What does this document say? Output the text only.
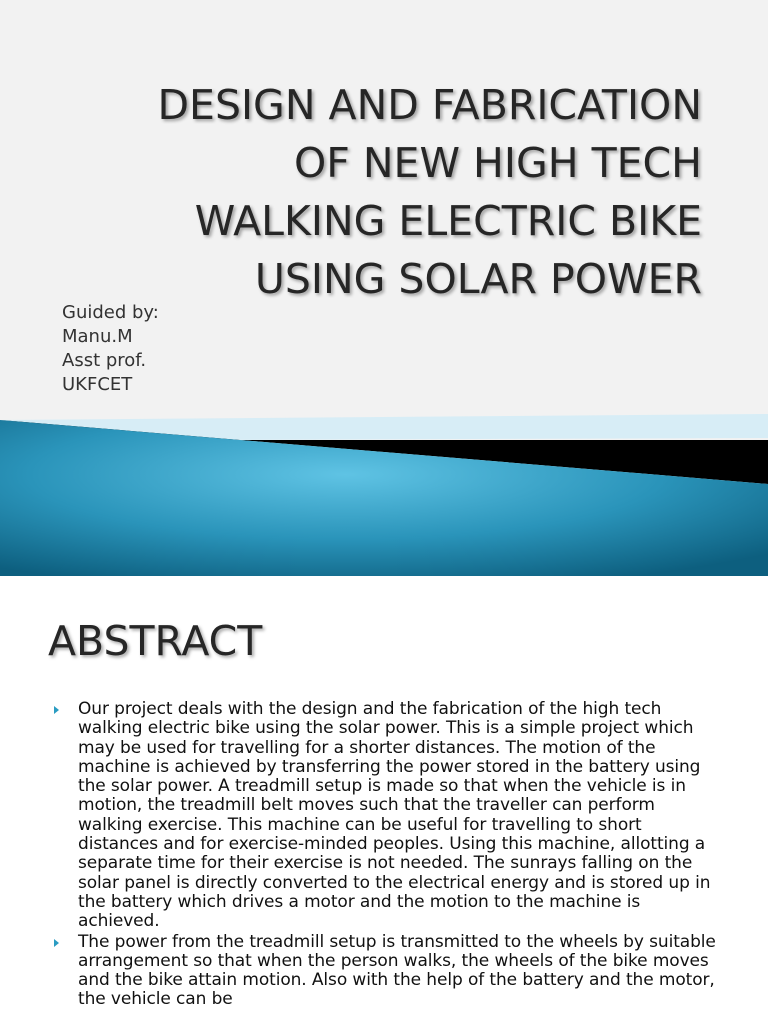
DESIGN AND FABRICATION
OF NEW HIGH TECH
WALKING ELECTRIC BIKE
USING SOLAR POWER
Guided by:
Manu.M
Asst prof.
UKFCET
ABSTRACT
Our project deals with the design and the fabrication of the high tech walking electric bike using the solar power. This is a simple project which may be used for travelling for a shorter distances. The motion of the machine is achieved by transferring the power stored in the battery using the solar power. A treadmill setup is made so that when the vehicle is in motion, the treadmill belt moves such that the traveller can perform walking exercise. This machine can be useful for travelling to short distances and for exercise-minded peoples. Using this machine, allotting a separate time for their exercise is not needed. The sunrays falling on the solar panel is directly converted to the electrical energy and is stored up in the battery which drives a motor and the motion to the machine is achieved.
The power from the treadmill setup is transmitted to the wheels by suitable arrangement so that when the person walks, the wheels of the bike moves and the bike attain motion. Also with the help of the battery and the motor, the vehicle can be
